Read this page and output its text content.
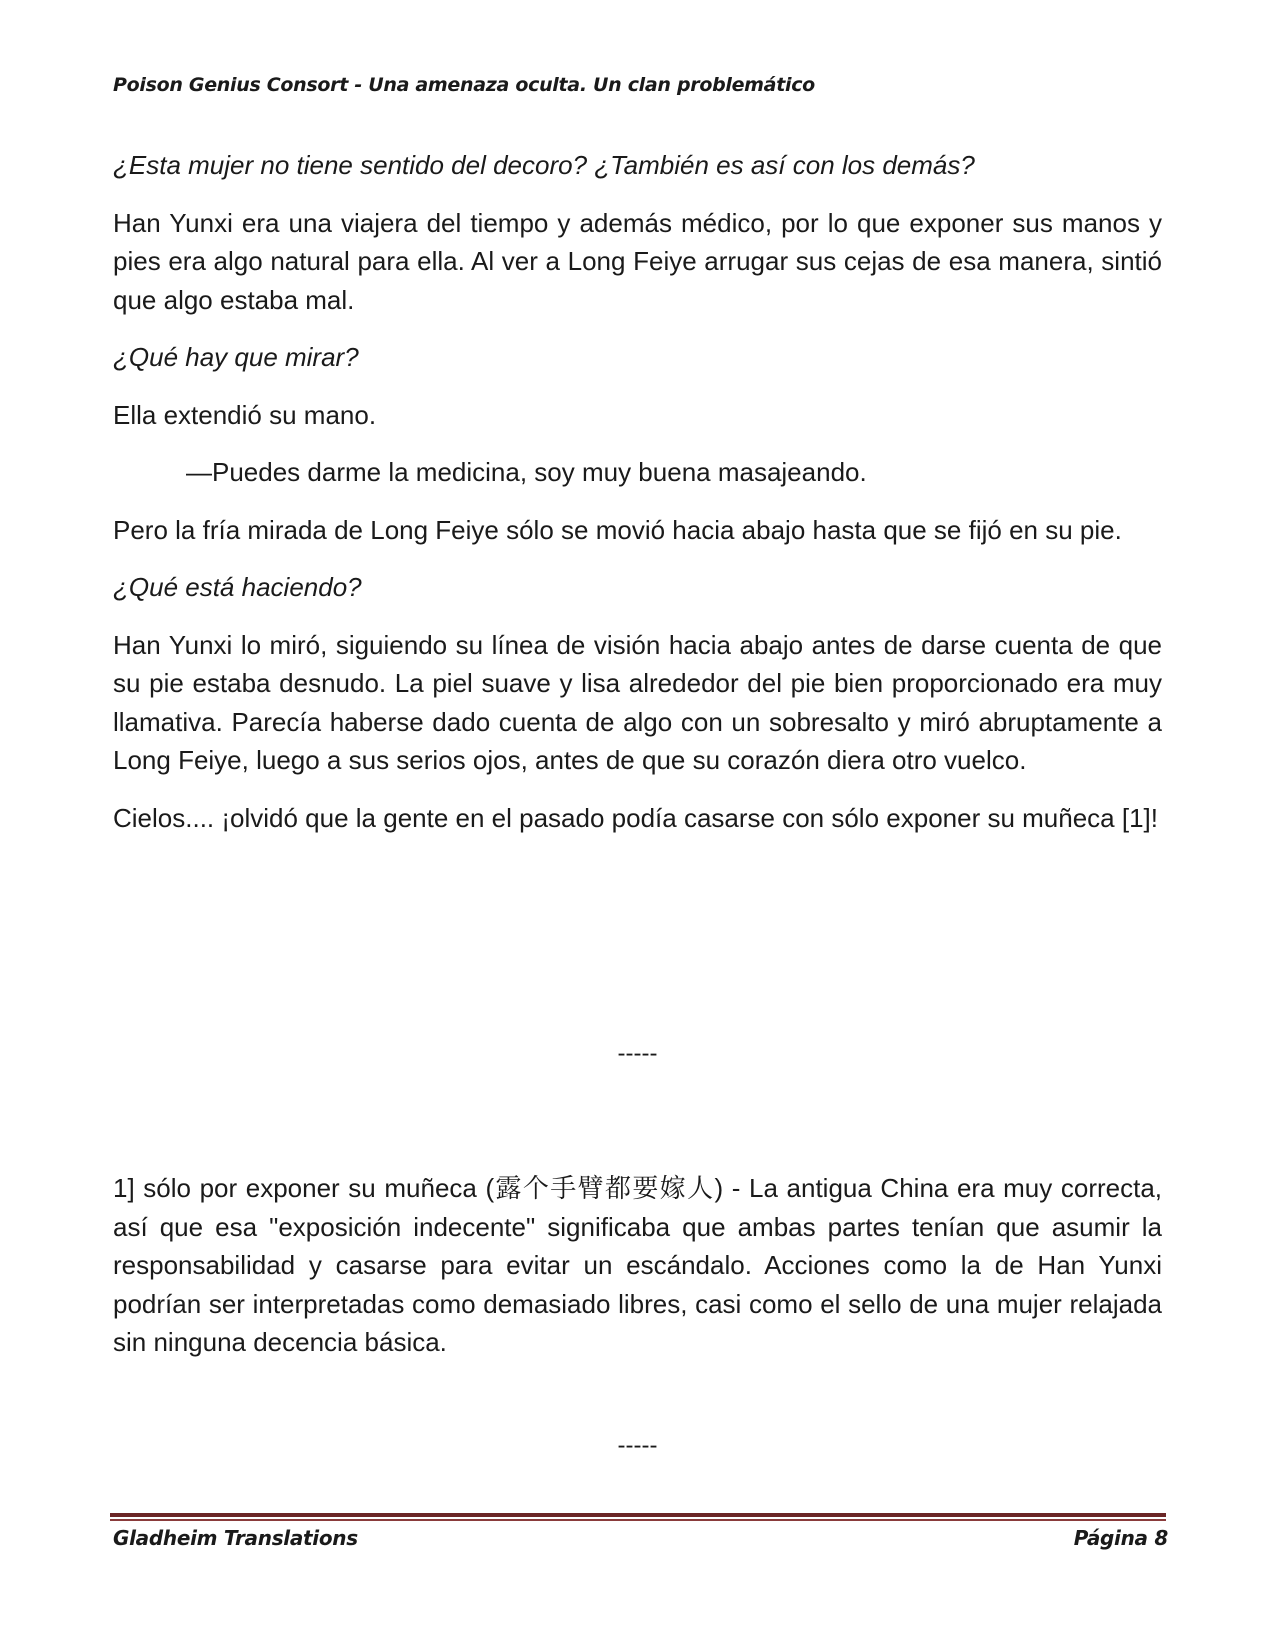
Poison Genius Consort - Una amenaza oculta. Un clan problemático

¿Esta mujer no tiene sentido del decoro? ¿También es así con los demás?

Han Yunxi era una viajera del tiempo y además médico, por lo que exponer sus manos y pies era algo natural para ella. Al ver a Long Feiye arrugar sus cejas de esa manera, sintió que algo estaba mal.

¿Qué hay que mirar?

Ella extendió su mano.

—Puedes darme la medicina, soy muy buena masajeando.

Pero la fría mirada de Long Feiye sólo se movió hacia abajo hasta que se fijó en su pie.

¿Qué está haciendo?

Han Yunxi lo miró, siguiendo su línea de visión hacia abajo antes de darse cuenta de que su pie estaba desnudo. La piel suave y lisa alrededor del pie bien proporcionado era muy llamativa. Parecía haberse dado cuenta de algo con un sobresalto y miró abruptamente a Long Feiye, luego a sus serios ojos, antes de que su corazón diera otro vuelco.

Cielos.... ¡olvidó que la gente en el pasado podía casarse con sólo exponer su muñeca [1]!

-----
1] sólo por exponer su muñeca (露个手臂都要嫁人) - La antigua China era muy correcta, así que esa "exposición indecente" significaba que ambas partes tenían que asumir la responsabilidad y casarse para evitar un escándalo. Acciones como la de Han Yunxi podrían ser interpretadas como demasiado libres, casi como el sello de una mujer relajada sin ninguna decencia básica.
-----
Gladheim Translations	Página 8
